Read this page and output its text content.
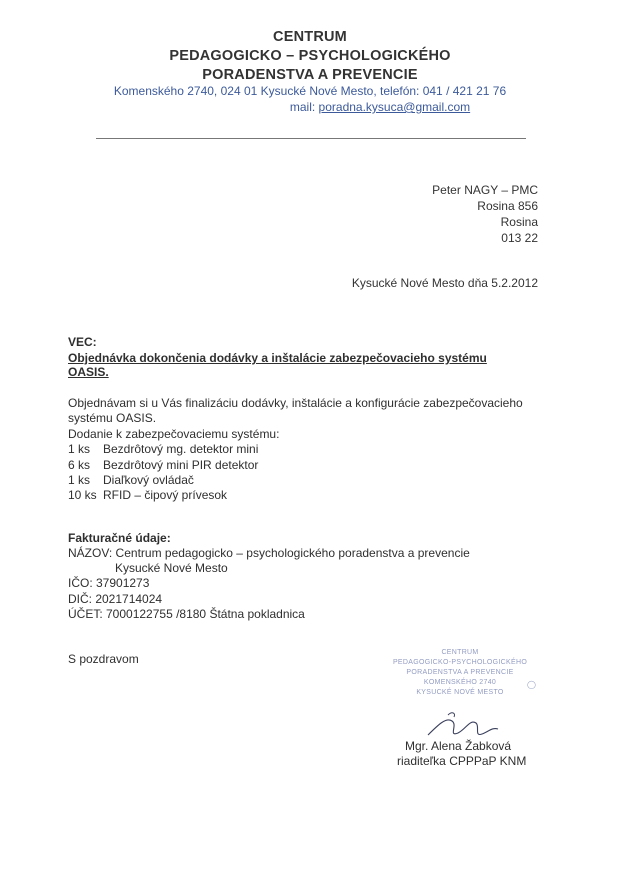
CENTRUM
PEDAGOGICKO – PSYCHOLOGICKÉHO
PORADENSTVA A PREVENCIE
Komenského 2740, 024 01 Kysucké Nové Mesto, telefón: 041 / 421 21 76
mail: poradna.kysuca@gmail.com
Peter NAGY – PMC
Rosina 856
Rosina
013 22
Kysucké Nové Mesto dňa 5.2.2012
VEC:
Objednávka dokončenia dodávky a inštalácie zabezpečovacieho systému
OASIS.
Objednávam si u Vás finalizáciu dodávky, inštalácie a konfigurácie zabezpečovacieho
systému OASIS.
Dodanie k zabezpečovaciemu systému:
1 ks Bezdrôtový mg. detektor mini
6 ks Bezdrôtový mini PIR detektor
1 ks Diaľkový ovládač
10 ks RFID – čipový prívesok
Fakturačné údaje:
NÁZOV: Centrum pedagogicko – psychologického poradenstva a prevencie
Kysucké Nové Mesto
IČO: 37901273
DIČ: 2021714024
ÚČET: 7000122755 /8180 Štátna pokladnica
S pozdravom	CENTRUM
PEDAGOGICKO-PSYCHOLOGICKÉHO
PORADENSTVA A PREVENCIE
KOMENSKÉHO 2740
KYSUCKÉ NOVÉ MESTO
◯
Mgr. Alena Žabková
riaditeľka CPPPaP KNM
